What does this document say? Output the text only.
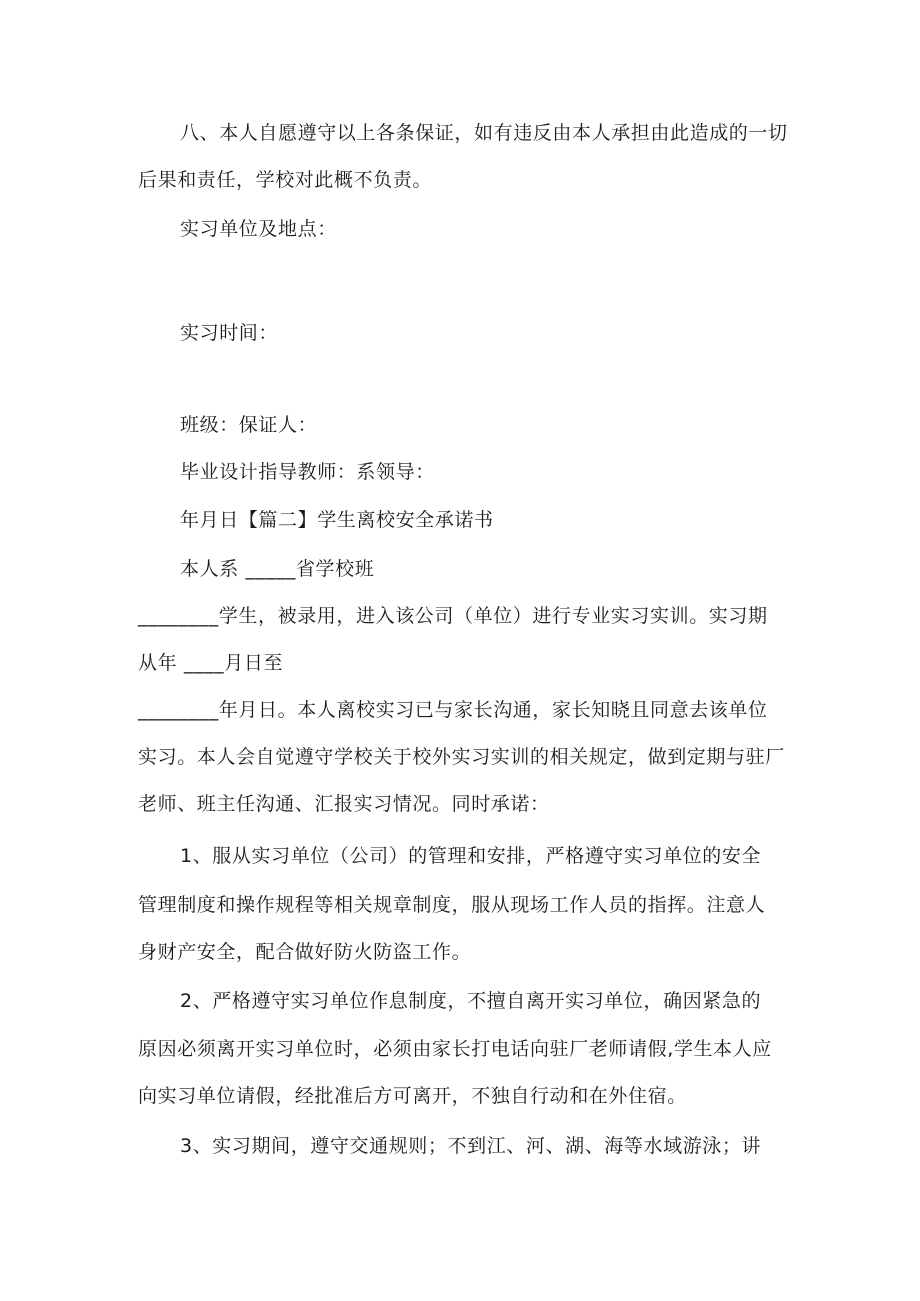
八、本人自愿遵守以上各条保证，如有违反由本人承担由此造成的一切
后果和责任，学校对此概不负责。
实习单位及地点：
实习时间：
班级：保证人：
毕业设计指导教师：系领导：
年月日【篇二】学生离校安全承诺书
本人系 _____省学校班
________学生，被录用，进入该公司（单位）进行专业实习实训。实习期
从年 ____月日至
________年月日。本人离校实习已与家长沟通，家长知晓且同意去该单位
实习。本人会自觉遵守学校关于校外实习实训的相关规定，做到定期与驻厂
老师、班主任沟通、汇报实习情况。同时承诺：
1、服从实习单位（公司）的管理和安排，严格遵守实习单位的安全
管理制度和操作规程等相关规章制度，服从现场工作人员的指挥。注意人
身财产安全，配合做好防火防盗工作。
2、严格遵守实习单位作息制度，不擅自离开实习单位，确因紧急的
原因必须离开实习单位时，必须由家长打电话向驻厂老师请假,学生本人应
向实习单位请假，经批准后方可离开，不独自行动和在外住宿。
3、实习期间，遵守交通规则；不到江、河、湖、海等水域游泳；讲
